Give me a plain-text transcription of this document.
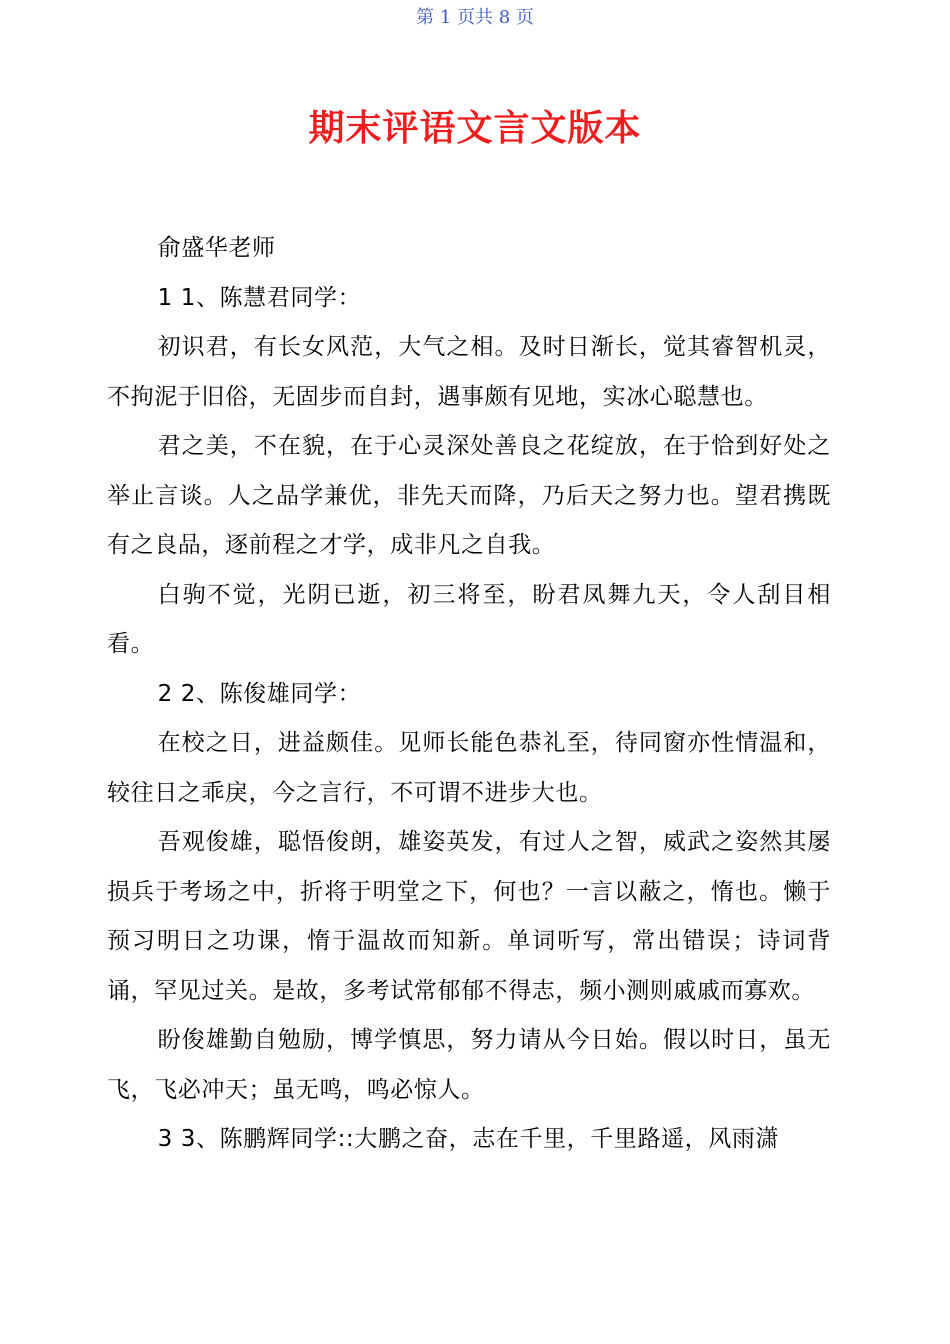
第 1 页共 8 页
期末评语文言文版本

俞盛华老师

1 1、陈慧君同学：

初识君，有长女风范，大气之相。及时日渐长，觉其睿智机灵，不拘泥于旧俗，无固步而自封，遇事颇有见地，实冰心聪慧也。

君之美，不在貌，在于心灵深处善良之花绽放，在于恰到好处之举止言谈。人之品学兼优，非先天而降，乃后天之努力也。望君携既有之良品，逐前程之才学，成非凡之自我。

白驹不觉，光阴已逝，初三将至，盼君凤舞九天，令人刮目相看。

2 2、陈俊雄同学：

在校之日，进益颇佳。见师长能色恭礼至，待同窗亦性情温和，较往日之乖戾，今之言行，不可谓不进步大也。

吾观俊雄，聪悟俊朗，雄姿英发，有过人之智，威武之姿然其屡损兵于考场之中，折将于明堂之下，何也？一言以蔽之，惰也。懒于预习明日之功课，惰于温故而知新。单词听写，常出错误；诗词背诵，罕见过关。是故，多考试常郁郁不得志，频小测则戚戚而寡欢。

盼俊雄勤自勉励，博学慎思，努力请从今日始。假以时日，虽无飞，飞必冲天；虽无鸣，鸣必惊人。

3 3、陈鹏辉同学::大鹏之奋，志在千里，千里路遥，风雨潇
